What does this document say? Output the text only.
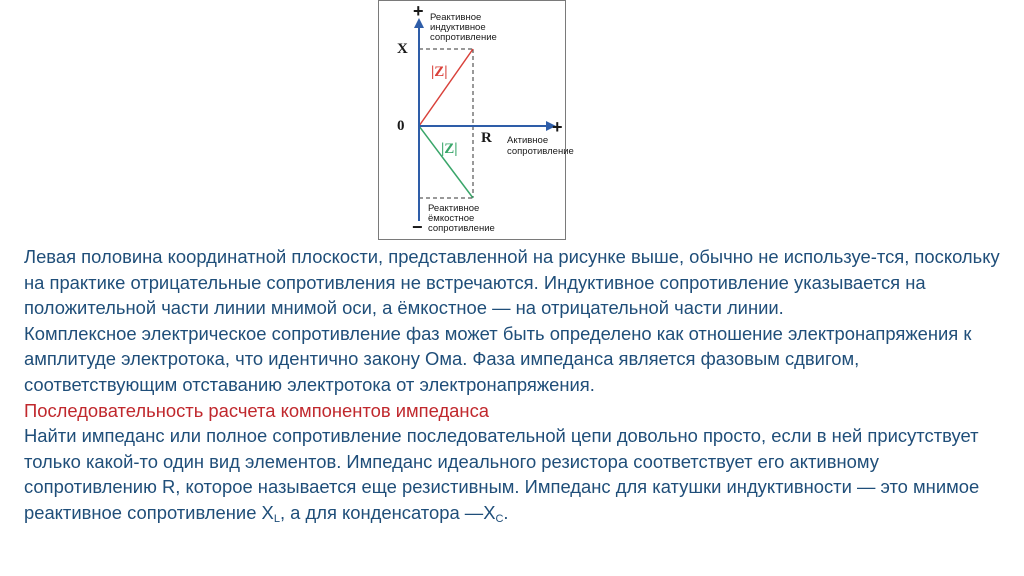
+
+
−
X
0
R
|Z|
|Z|
Реактивное
индуктивное
сопротивление
Активное
сопротивление
Реактивное
ёмкостное
сопротивление

Левая половина координатной плоскости, представленной на рисунке выше, обычно не используе-тся, поскольку на практике отрицательные сопротивления не встречаются. Индуктивное сопротивление указывается на положительной части линии мнимой оси, а ёмкостное — на отрицательной части линии.

Комплексное электрическое сопротивление фаз может быть определено как отношение электронапряжения к амплитуде электротока, что идентично закону Ома. Фаза импеданса является фазовым сдвигом, соответствующим отставанию электротока от электронапряжения.

Последовательность расчета компонентов импеданса

Найти импеданс или полное сопротивление последовательной цепи довольно просто, если в ней присутствует только какой-то один вид элементов. Импеданс идеального резистора соответствует его активному сопротивлению R, которое называется еще резистивным. Импеданс для катушки индуктивности — это мнимое реактивное сопротивление $X_L$, а для конденсатора $—X_C$.
